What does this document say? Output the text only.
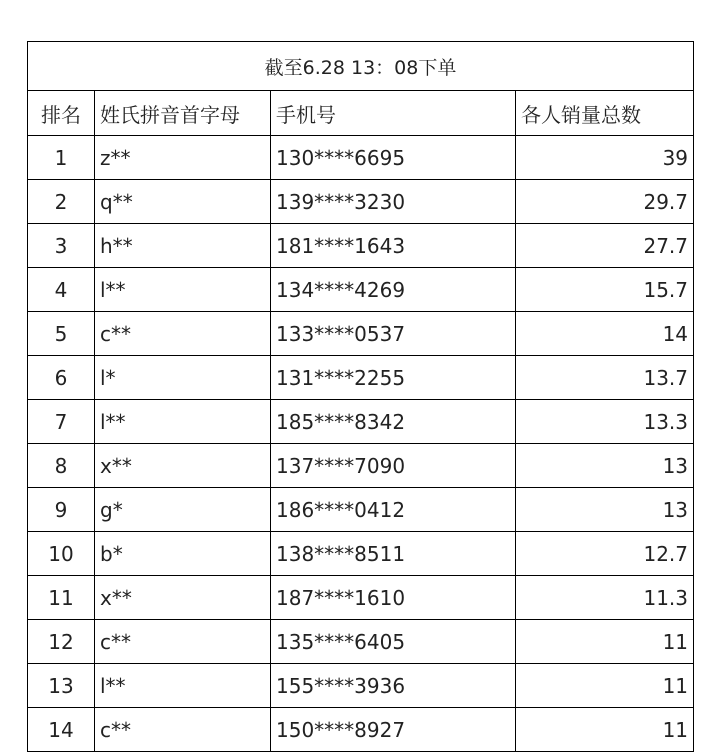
截至6.28 13：08下单			
排名	姓氏拼音首字母	手机号	各人销量总数
1	z**	130****6695	39
2	q**	139****3230	29.7
3	h**	181****1643	27.7
4	l**	134****4269	15.7
5	c**	133****0537	14
6	l*	131****2255	13.7
7	l**	185****8342	13.3
8	x**	137****7090	13
9	g*	186****0412	13
10	b*	138****8511	12.7
11	x**	187****1610	11.3
12	c**	135****6405	11
13	l**	155****3936	11
14	c**	150****8927	11
